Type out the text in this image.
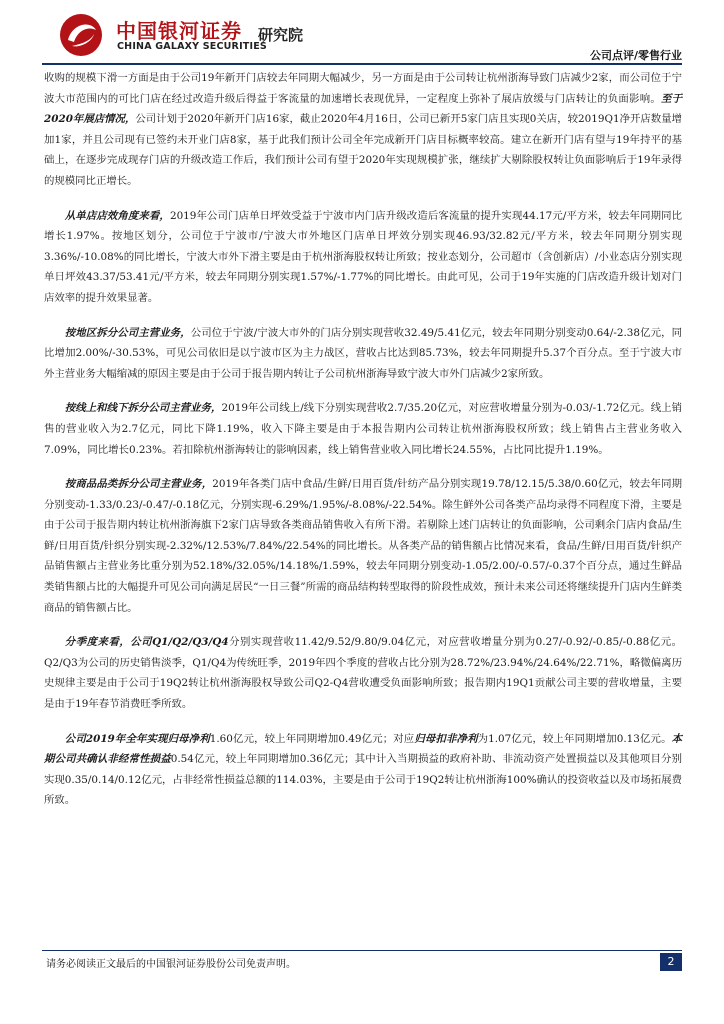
中国银河证券
CHINA GALAXY SECURITIES
研究院
公司点评/零售行业

收购的规模下滑一方面是由于公司19年新开门店较去年同期大幅减少，另一方面是由于公司转让杭州浙海导致门店减少2家，而公司位于宁波大市范围内的可比门店在经过改造升级后得益于客流量的加速增长表现优异，一定程度上弥补了展店放缓与门店转让的负面影响。至于2020年展店情况，公司计划于2020年新开门店16家，截止2020年4月16日，公司已新开5家门店且实现0关店，较2019Q1净开店数量增加1家，并且公司现有已签约未开业门店8家，基于此我们预计公司全年完成新开门店目标概率较高。建立在新开门店有望与19年持平的基础上，在逐步完成现存门店的升级改造工作后，我们预计公司有望于2020年实现规模扩张，继续扩大剔除股权转让负面影响后于19年录得的规模同比正增长。

从单店店效角度来看，2019年公司门店单日坪效受益于宁波市内门店升级改造后客流量的提升实现44.17元/平方米，较去年同期同比增长1.97%。按地区划分，公司位于宁波市/宁波大市外地区门店单日坪效分别实现46.93/32.82元/平方米，较去年同期分别实现3.36%/-10.08%的同比增长，宁波大市外下滑主要是由于杭州浙海股权转让所致；按业态划分，公司超市（含创新店）/小业态店分别实现单日坪效43.37/53.41元/平方米，较去年同期分别实现1.57%/-1.77%的同比增长。由此可见，公司于19年实施的门店改造升级计划对门店效率的提升效果显著。

按地区拆分公司主营业务，公司位于宁波/宁波大市外的门店分别实现营收32.49/5.41亿元，较去年同期分别变动0.64/-2.38亿元，同比增加2.00%/-30.53%，可见公司依旧是以宁波市区为主力战区，营收占比达到85.73%，较去年同期提升5.37个百分点。至于宁波大市外主营业务大幅缩减的原因主要是由于公司于报告期内转让子公司杭州浙海导致宁波大市外门店减少2家所致。

按线上和线下拆分公司主营业务，2019年公司线上/线下分别实现营收2.7/35.20亿元，对应营收增量分别为-0.03/-1.72亿元。线上销售的营业收入为2.7亿元，同比下降1.19%，收入下降主要是由于本报告期内公司转让杭州浙海股权所致；线上销售占主营业务收入7.09%，同比增长0.23%。若扣除杭州浙海转让的影响因素，线上销售营业收入同比增长24.55%，占比同比提升1.19%。

按商品品类拆分公司主营业务，2019年各类门店中食品/生鲜/日用百货/针纺产品分别实现19.78/12.15/5.38/0.60亿元，较去年同期分别变动-1.33/0.23/-0.47/-0.18亿元，分别实现-6.29%/1.95%/-8.08%/-22.54%。除生鲜外公司各类产品均录得不同程度下滑，主要是由于公司于报告期内转让杭州浙海旗下2家门店导致各类商品销售收入有所下滑。若剔除上述门店转让的负面影响，公司剩余门店内食品/生鲜/日用百货/针织分别实现-2.32%/12.53%/7.84%/22.54%的同比增长。从各类产品的销售额占比情况来看，食品/生鲜/日用百货/针织产品销售额占主营业务比重分别为52.18%/32.05%/14.18%/1.59%，较去年同期分别变动-1.05/2.00/-0.57/-0.37个百分点，通过生鲜品类销售额占比的大幅提升可见公司向满足居民“一日三餐”所需的商品结构转型取得的阶段性成效，预计未来公司还将继续提升门店内生鲜类商品的销售额占比。

分季度来看，公司Q1/Q2/Q3/Q4分别实现营收11.42/9.52/9.80/9.04亿元，对应营收增量分别为0.27/-0.92/-0.85/-0.88亿元。Q2/Q3为公司的历史销售淡季，Q1/Q4为传统旺季，2019年四个季度的营收占比分别为28.72%/23.94%/24.64%/22.71%，略微偏离历史规律主要是由于公司于19Q2转让杭州浙海股权导致公司Q2-Q4营收遭受负面影响所致；报告期内19Q1贡献公司主要的营收增量，主要是由于19年春节消费旺季所致。

公司2019年全年实现归母净利1.60亿元，较上年同期增加0.49亿元；对应归母扣非净利为1.07亿元，较上年同期增加0.13亿元。本期公司共确认非经常性损益0.54亿元，较上年同期增加0.36亿元；其中计入当期损益的政府补助、非流动资产处置损益以及其他项目分别实现0.35/0.14/0.12亿元，占非经常性损益总额的114.03%，主要是由于公司于19Q2转让杭州浙海100%确认的投资收益以及市场拓展费所致。

请务必阅读正文最后的中国银河证券股份公司免责声明。	2
